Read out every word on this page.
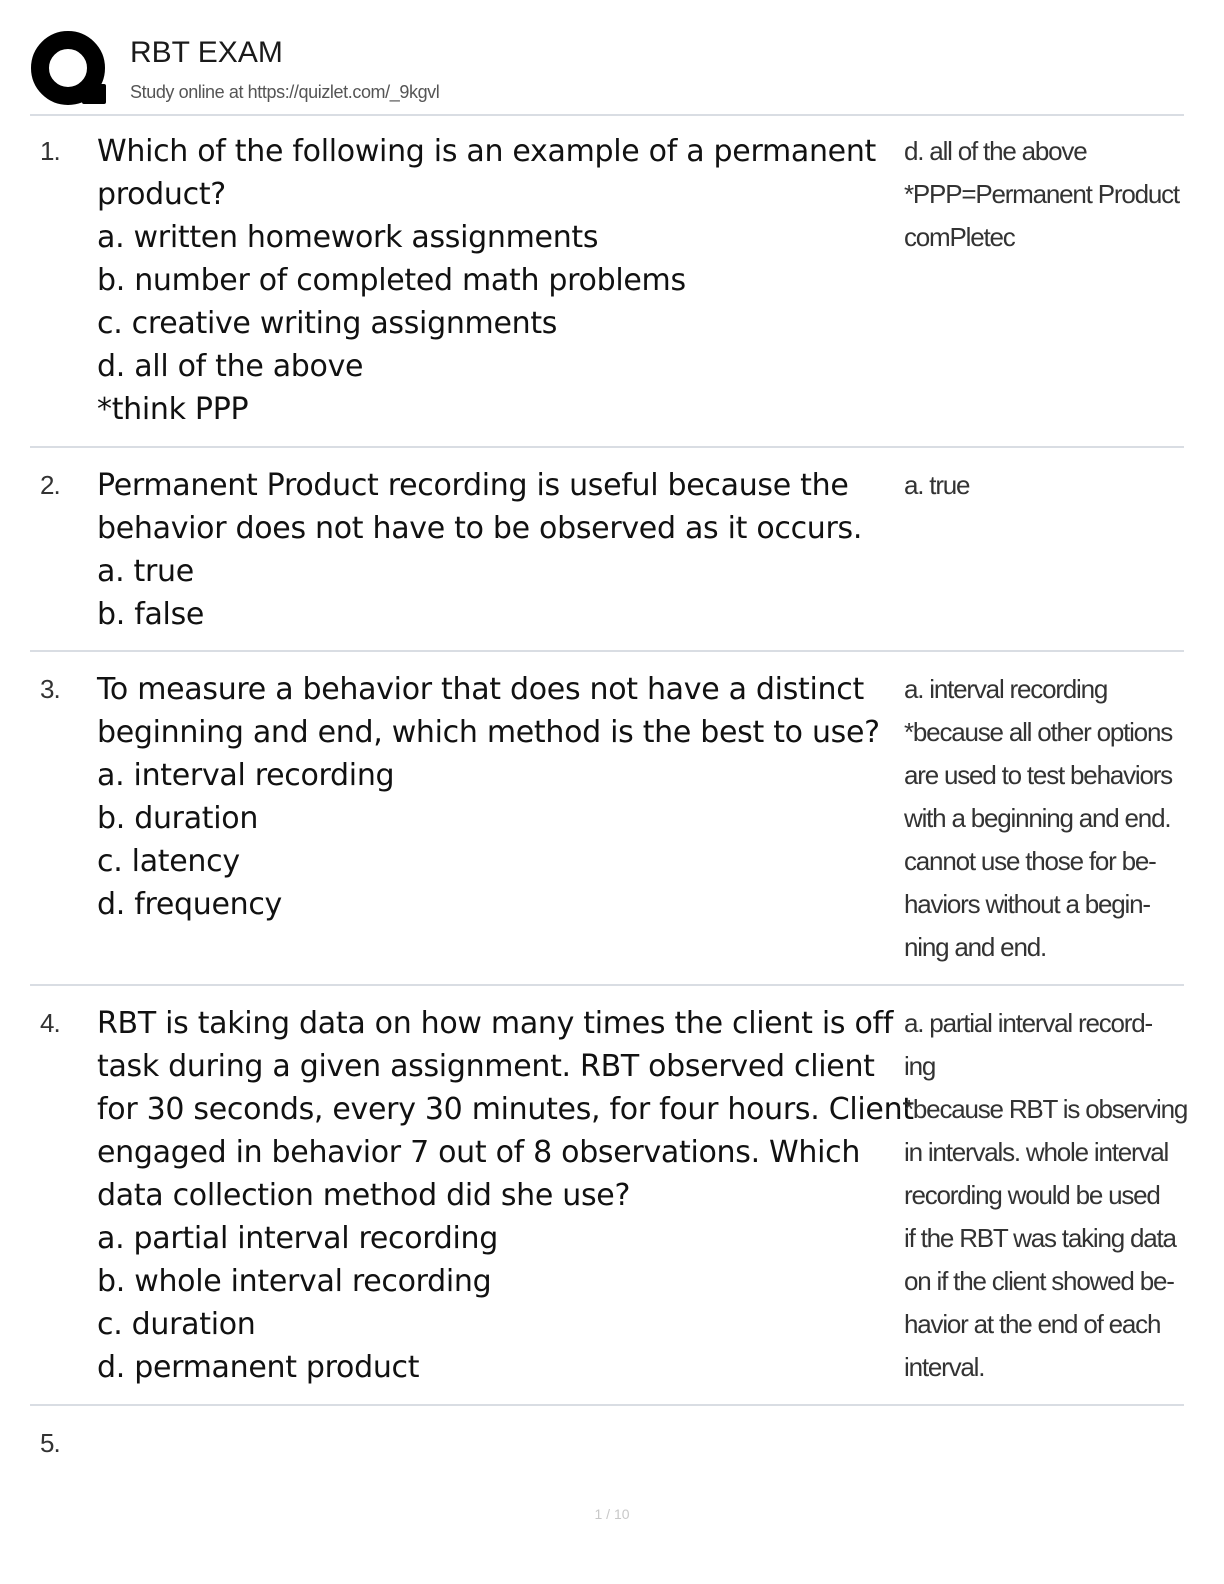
RBT EXAM
Study online at https://quizlet.com/_9kgvl
1. Which of the following is an example of a permanent
product?
a. written homework assignments
b. number of completed math problems
c. creative writing assignments
d. all of the above
*think PPP
d. all of the above
*PPP=Permanent Product
comPletec
2. Permanent Product recording is useful because the
behavior does not have to be observed as it occurs.
a. true
b. false
a. true
3. To measure a behavior that does not have a distinct
beginning and end, which method is the best to use?
a. interval recording
b. duration
c. latency
d. frequency
a. interval recording
*because all other options
are used to test behaviors
with a beginning and end.
cannot use those for be-
haviors without a begin-
ning and end.
4. RBT is taking data on how many times the client is off
task during a given assignment. RBT observed client
for 30 seconds, every 30 minutes, for four hours. Client
engaged in behavior 7 out of 8 observations. Which
data collection method did she use?
a. partial interval recording
b. whole interval recording
c. duration
d. permanent product
a. partial interval record-
ing
*because RBT is observing
in intervals. whole interval
recording would be used
if the RBT was taking data
on if the client showed be-
havior at the end of each
interval.
5.
1 / 10
